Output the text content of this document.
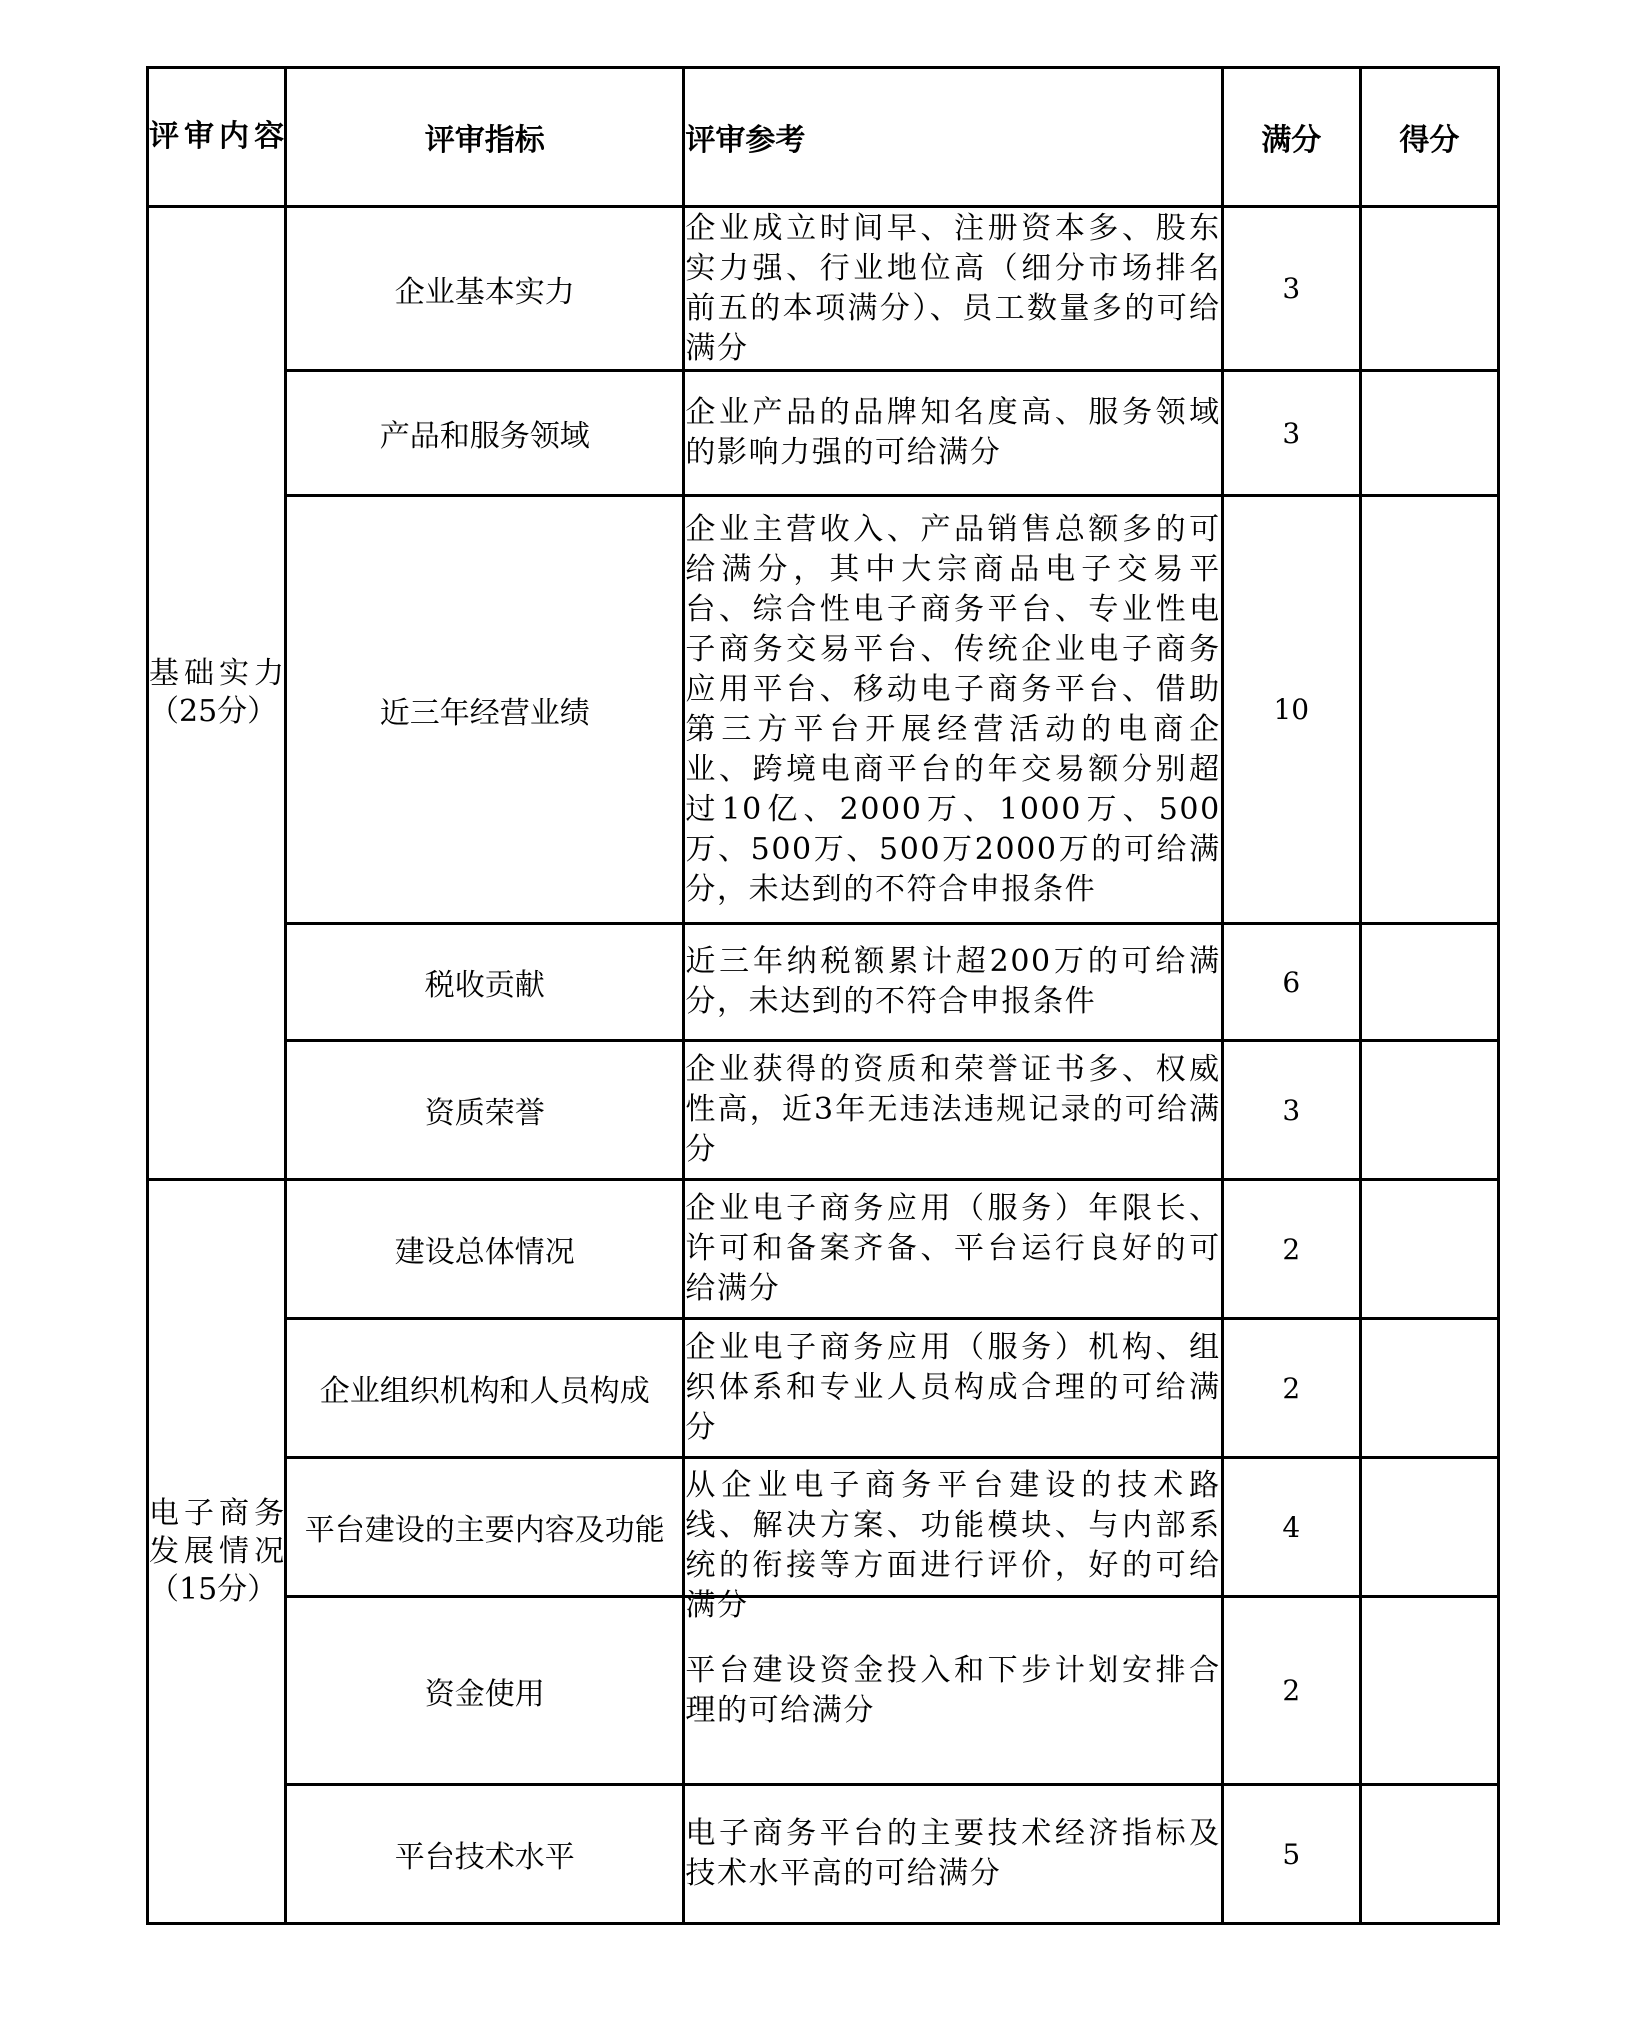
评审内容	评审指标	评审参考	满分	得分

基础实力（25分）	企业基本实力	企业成立时间早、注册资本多、股东实力强、行业地位高（细分市场排名前五的本项满分）、员工数量多的可给满分	3	
	产品和服务领域	企业产品的品牌知名度高、服务领域的影响力强的可给满分	3	
	近三年经营业绩	企业主营收入、产品销售总额多的可给满分，其中大宗商品电子交易平台、综合性电子商务平台、专业性电子商务交易平台、传统企业电子商务应用平台、移动电子商务平台、借助第三方平台开展经营活动的电商企业、跨境电商平台的年交易额分别超过10亿、2000万、1000万、500万、500万、500万2000万的可给满分，未达到的不符合申报条件	10	
	税收贡献	近三年纳税额累计超200万的可给满分，未达到的不符合申报条件	6	
	资质荣誉	企业获得的资质和荣誉证书多、权威性高，近3年无违法违规记录的可给满分	3	

电子商务发展情况（15分）	建设总体情况	企业电子商务应用（服务）年限长、许可和备案齐备、平台运行良好的可给满分	2	
	企业组织机构和人员构成	企业电子商务应用（服务）机构、组织体系和专业人员构成合理的可给满分	2	
	平台建设的主要内容及功能	从企业电子商务平台建设的技术路线、解决方案、功能模块、与内部系统的衔接等方面进行评价，好的可给满分	4	
	资金使用	平台建设资金投入和下步计划安排合理的可给满分	2	
	平台技术水平	电子商务平台的主要技术经济指标及技术水平高的可给满分	5	
